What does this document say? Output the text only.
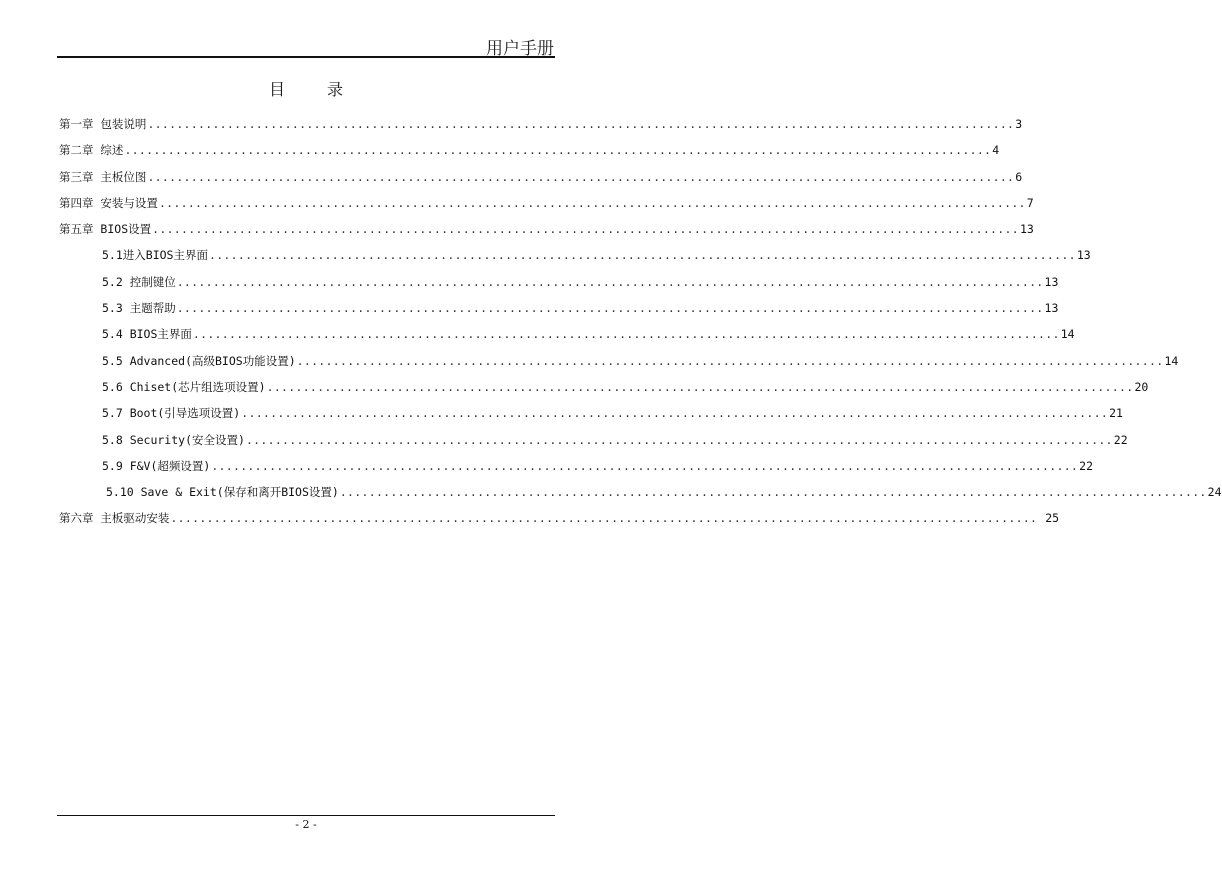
用户手册
目	录
第一章 包装说明 ........................................................................................................................ 3
第二章 综述 ........................................................................................................................ 4
第三章 主板位图 ........................................................................................................................ 6
第四章 安装与设置 ........................................................................................................................ 7
第五章 BIOS设置 ........................................................................................................................ 13
5.1进入BIOS主界面 ........................................................................................................................ 13
5.2 控制键位 ........................................................................................................................ 13
5.3 主题帮助 ........................................................................................................................ 13
5.4 BIOS主界面 ........................................................................................................................ 14
5.5 Advanced(高级BIOS功能设置) ........................................................................................................................ 14
5.6 Chiset(芯片组选项设置) ........................................................................................................................ 20
5.7 Boot(引导选项设置) ........................................................................................................................ 21
5.8 Security(安全设置) ........................................................................................................................ 22
5.9 F&V(超频设置) ........................................................................................................................ 22
5.10 Save & Exit(保存和离开BIOS设置) ........................................................................................................................ 24
第六章 主板驱动安装 ........................................................................................................................ 25
- 2 -
